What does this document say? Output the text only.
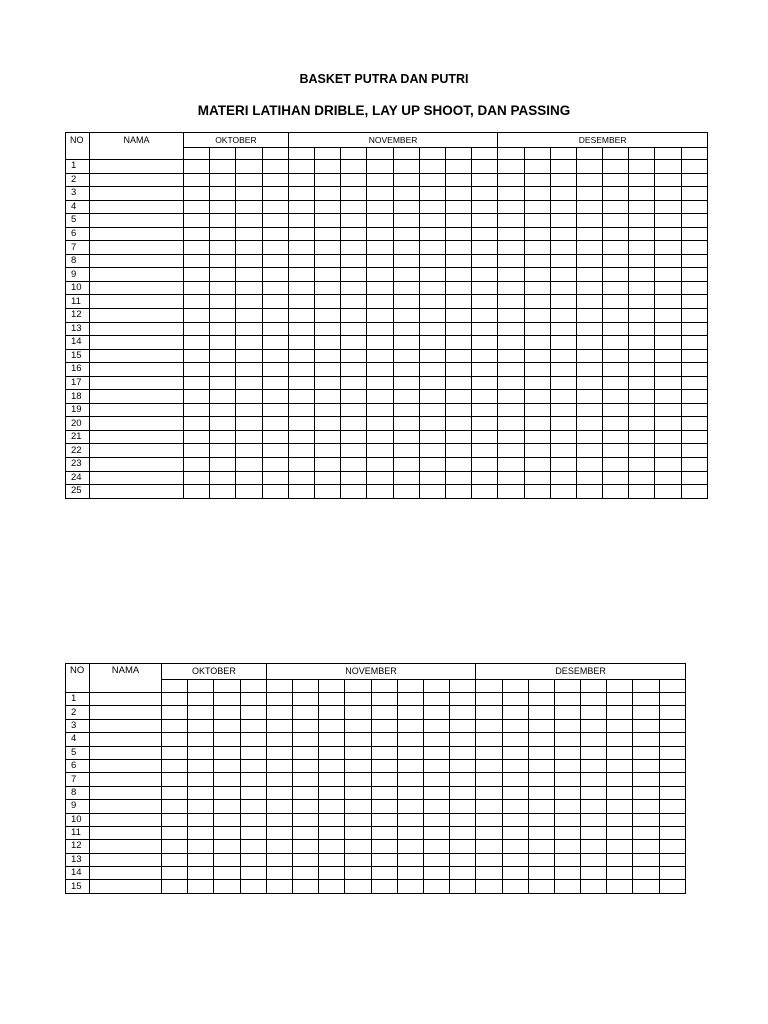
BASKET PUTRA DAN PUTRI
MATERI LATIHAN DRIBLE, LAY UP SHOOT, DAN PASSING
NO	NAMA	OKTOBER				NOVEMBER								DESEMBER							

1																					
2																					
3																					
4																					
5																					
6																					
7																					
8																					
9																					
10																					
11																					
12																					
13																					
14																					
15																					
16																					
17																					
18																					
19																					
20																					
21																					
22																					
23																					
24																					
25																					
NO	NAMA	OKTOBER				NOVEMBER								DESEMBER							

1																					
2																					
3																					
4																					
5																					
6																					
7																					
8																					
9																					
10																					
11																					
12																					
13																					
14																					
15																					
